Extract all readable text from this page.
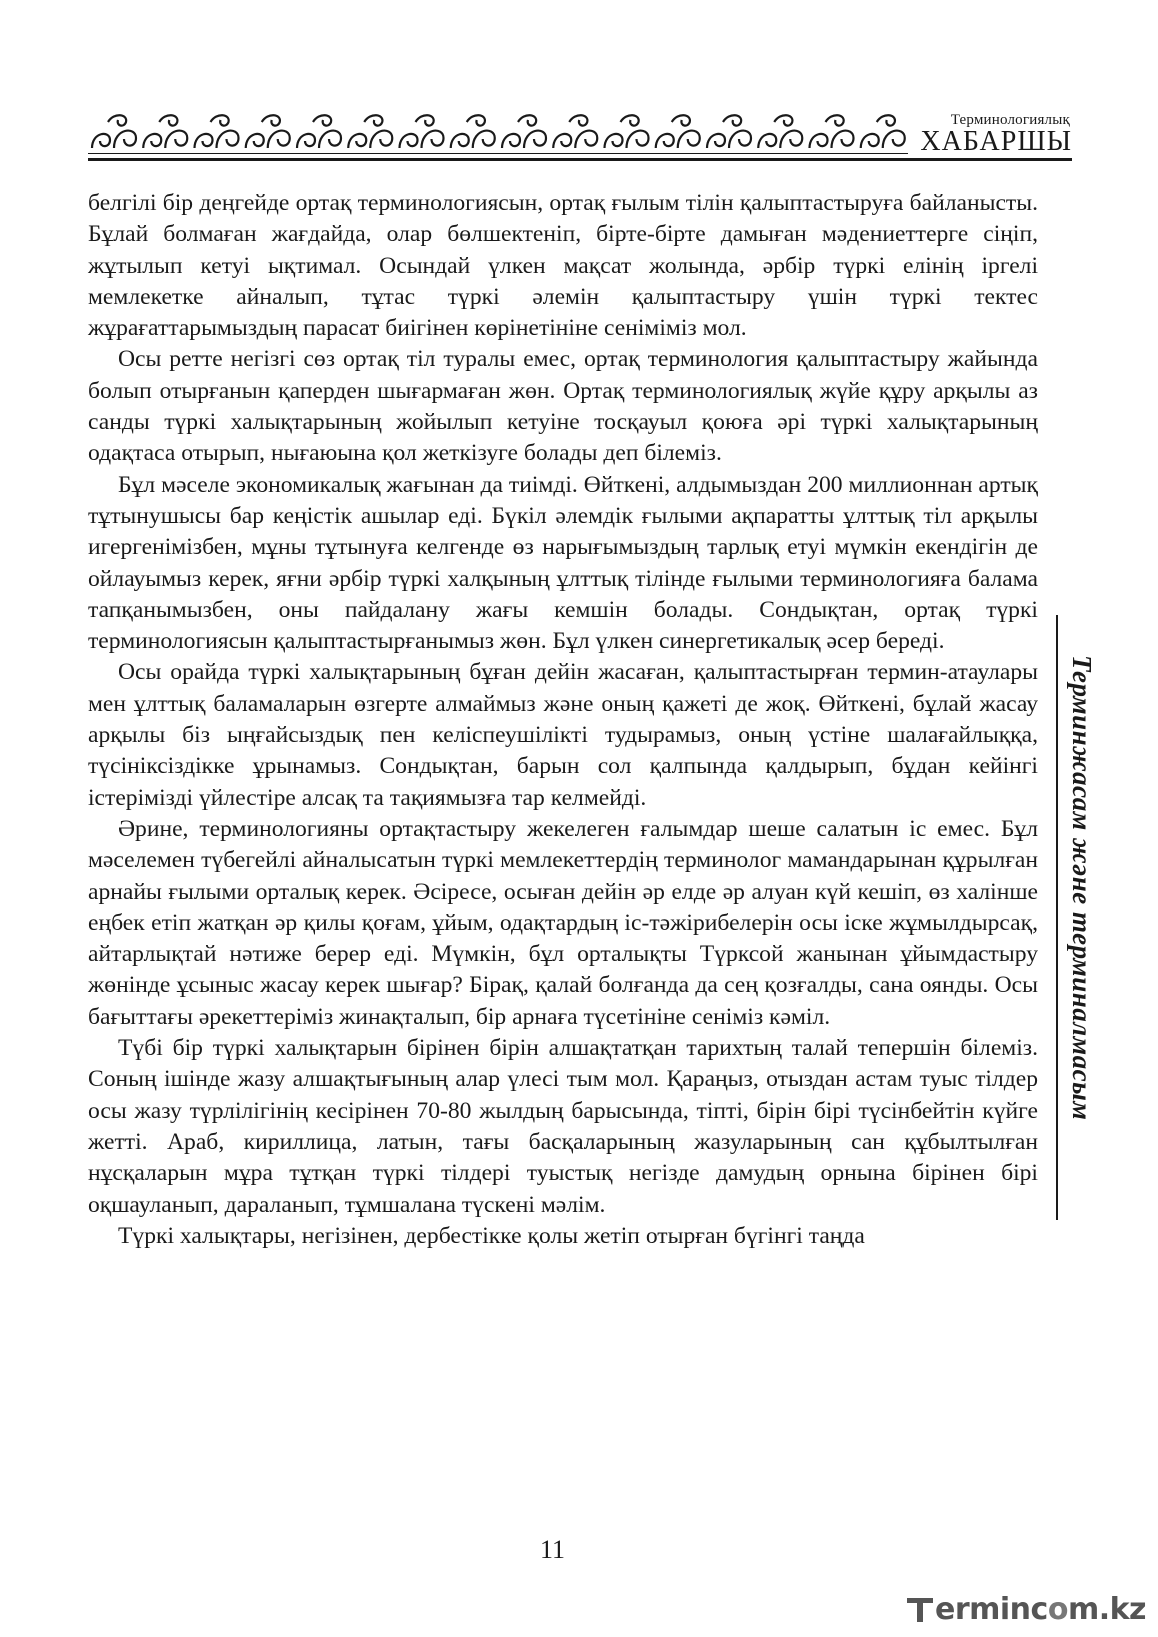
Терминологиялық
ХАБАРШЫ

белгілі бір деңгейде ортақ терминологиясын, ортақ ғылым тілін қалыптастыруға байланысты. Бұлай болмаған жағдайда, олар бөлшектеніп, бірте-бірте дамыған мәдениеттерге сіңіп, жұтылып кетуі ықтимал. Осындай үлкен мақсат жолында, әрбір түркі елінің іргелі мемлекетке айналып, тұтас түркі әлемін қалыптастыру үшін түркі тектес жұрағаттарымыздың парасат биігінен көрінетініне сеніміміз мол.

Осы ретте негізгі сөз ортақ тіл туралы емес, ортақ терминология қалыптастыру жайында болып отырғанын қаперден шығармаған жөн. Ортақ терминологиялық жүйе құру арқылы аз санды түркі халықтарының жойылып кетуіне тосқауыл қоюға әрі түркі халықтарының одақтаса отырып, нығаюына қол жеткізуге болады деп білеміз.

Бұл мәселе экономикалық жағынан да тиімді. Өйткені, алдымыздан 200 миллионнан артық тұтынушысы бар кеңістік ашылар еді. Бүкіл әлемдік ғылыми ақпаратты ұлттық тіл арқылы игергенімізбен, мұны тұтынуға келгенде өз нарығымыздың тарлық етуі мүмкін екендігін де ойлауымыз керек, яғни әрбір түркі халқының ұлттық тілінде ғылыми терминологияға балама тапқанымызбен, оны пайдалану жағы кемшін болады. Сондықтан, ортақ түркі терминологиясын қалыптастырғанымыз жөн. Бұл үлкен синергетикалық әсер береді.

Осы орайда түркі халықтарының бұған дейін жасаған, қалыптастырған термин-атаулары мен ұлттық баламаларын өзгерте алмаймыз және оның қажеті де жоқ. Өйткені, бұлай жасау арқылы біз ыңғайсыздық пен келіспеушілікті тудырамыз, оның үстіне шалағайлыққа, түсініксіздікке ұрынамыз. Сондықтан, барын сол қалпында қалдырып, бұдан кейінгі істерімізді үйлестіре алсақ та тақиямызға тар келмейді.

Әрине, терминологияны ортақтастыру жекелеген ғалымдар шеше салатын іс емес. Бұл мәселемен түбегейлі айналысатын түркі мемлекеттердің терминолог мамандарынан құрылған арнайы ғылыми орталық керек. Әсіресе, осыған дейін әр елде әр алуан күй кешіп, өз халінше еңбек етіп жатқан әр қилы қоғам, ұйым, одақтардың іс-тәжірибелерін осы іске жұмылдырсақ, айтарлықтай нәтиже берер еді. Мүмкін, бұл орталықты Түрксой жанынан ұйымдастыру жөнінде ұсыныс жасау керек шығар? Бірақ, қалай болғанда да сең қозғалды, сана оянды. Осы бағыттағы әрекеттеріміз жинақталып, бір арнаға түсетініне сеніміз кәміл.

Түбі бір түркі халықтарын бірінен бірін алшақтатқан тарихтың талай тепершін білеміз. Соның ішінде жазу алшақтығының алар үлесі тым мол. Қараңыз, отыздан астам туыс тілдер осы жазу түрлілігінің кесірінен 70-80 жылдың барысында, тіпті, бірін бірі түсінбейтін күйге жетті. Араб, кириллица, латын, тағы басқаларының жазуларының сан құбылтылған нұсқаларын мұра тұтқан түркі тілдері туыстық негізде дамудың орнына бірінен бірі оқшауланып, дараланып, тұмшалана түскені мәлім.

Түркі халықтары, негізінен, дербестікке қолы жетіп отырған бүгінгі таңда

Терминжасам және терминалмасым
11
ermincom.kz
